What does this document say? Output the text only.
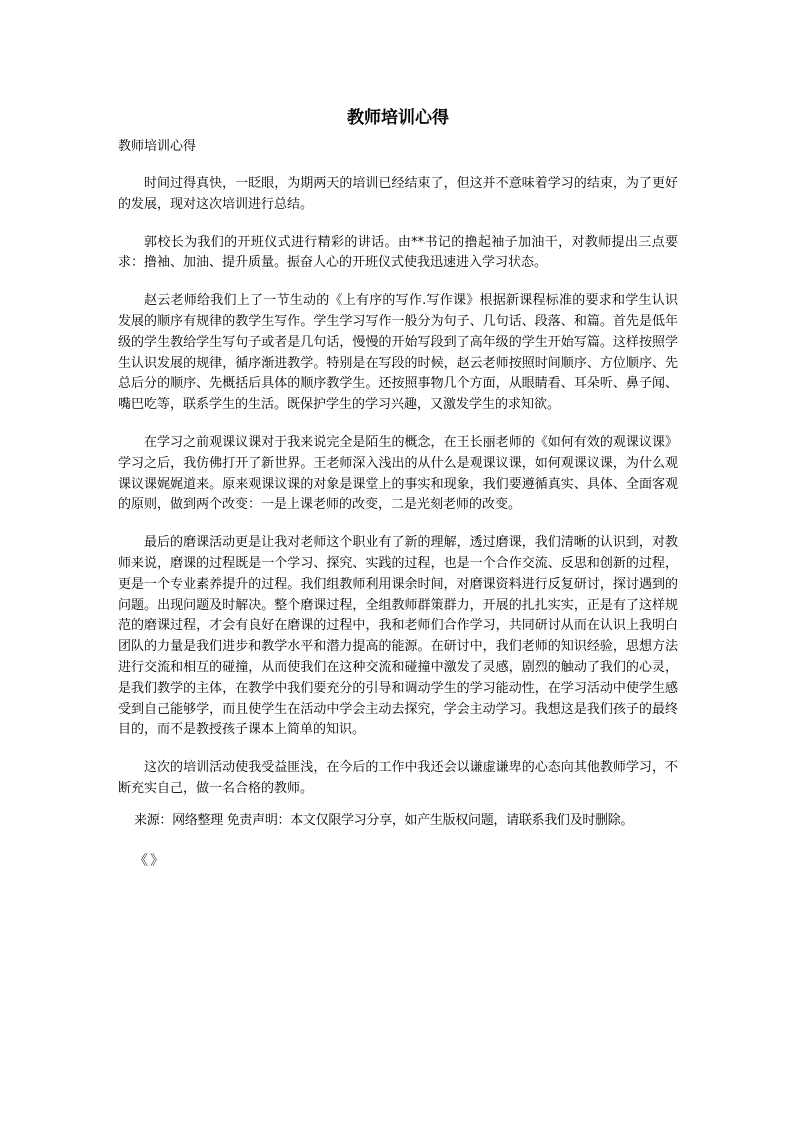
教师培训心得
教师培训心得

时间过得真快，一眨眼，为期两天的培训已经结束了，但这并不意味着学习的结束，为了更好的发展，现对这次培训进行总结。

郭校长为我们的开班仪式进行精彩的讲话。由**书记的撸起袖子加油干，对教师提出三点要求：撸袖、加油、提升质量。振奋人心的开班仪式使我迅速进入学习状态。

赵云老师给我们上了一节生动的《上有序的写作.写作课》根据新课程标准的要求和学生认识发展的顺序有规律的教学生写作。学生学习写作一般分为句子、几句话、段落、和篇。首先是低年级的学生教给学生写句子或者是几句话，慢慢的开始写段到了高年级的学生开始写篇。这样按照学生认识发展的规律，循序渐进教学。特别是在写段的时候，赵云老师按照时间顺序、方位顺序、先总后分的顺序、先概括后具体的顺序教学生。还按照事物几个方面，从眼睛看、耳朵听、鼻子闻、嘴巴吃等，联系学生的生活。既保护学生的学习兴趣，又激发学生的求知欲。

在学习之前观课议课对于我来说完全是陌生的概念，在王长丽老师的《如何有效的观课议课》学习之后，我仿佛打开了新世界。王老师深入浅出的从什么是观课议课，如何观课议课，为什么观课议课娓娓道来。原来观课议课的对象是课堂上的事实和现象，我们要遵循真实、具体、全面客观的原则，做到两个改变：一是上课老师的改变，二是光刻老师的改变。

最后的磨课活动更是让我对老师这个职业有了新的理解，透过磨课，我们清晰的认识到，对教师来说，磨课的过程既是一个学习、探究、实践的过程，也是一个合作交流、反思和创新的过程，更是一个专业素养提升的过程。我们组教师利用课余时间，对磨课资料进行反复研讨，探讨遇到的问题。出现问题及时解决。整个磨课过程，全组教师群策群力，开展的扎扎实实，正是有了这样规范的磨课过程，才会有良好在磨课的过程中，我和老师们合作学习，共同研讨从而在认识上我明白团队的力量是我们进步和教学水平和潜力提高的能源。在研讨中，我们老师的知识经验，思想方法进行交流和相互的碰撞，从而使我们在这种交流和碰撞中激发了灵感，剧烈的触动了我们的心灵，是我们教学的主体，在教学中我们要充分的引导和调动学生的学习能动性，在学习活动中使学生感受到自己能够学，而且使学生在活动中学会主动去探究，学会主动学习。我想这是我们孩子的最终目的，而不是教授孩子课本上简单的知识。

这次的培训活动使我受益匪浅，在今后的工作中我还会以谦虚谦卑的心态向其他教师学习，不断充实自己，做一名合格的教师。

来源：网络整理 免责声明：本文仅限学习分享，如产生版权问题，请联系我们及时删除。
《 》
